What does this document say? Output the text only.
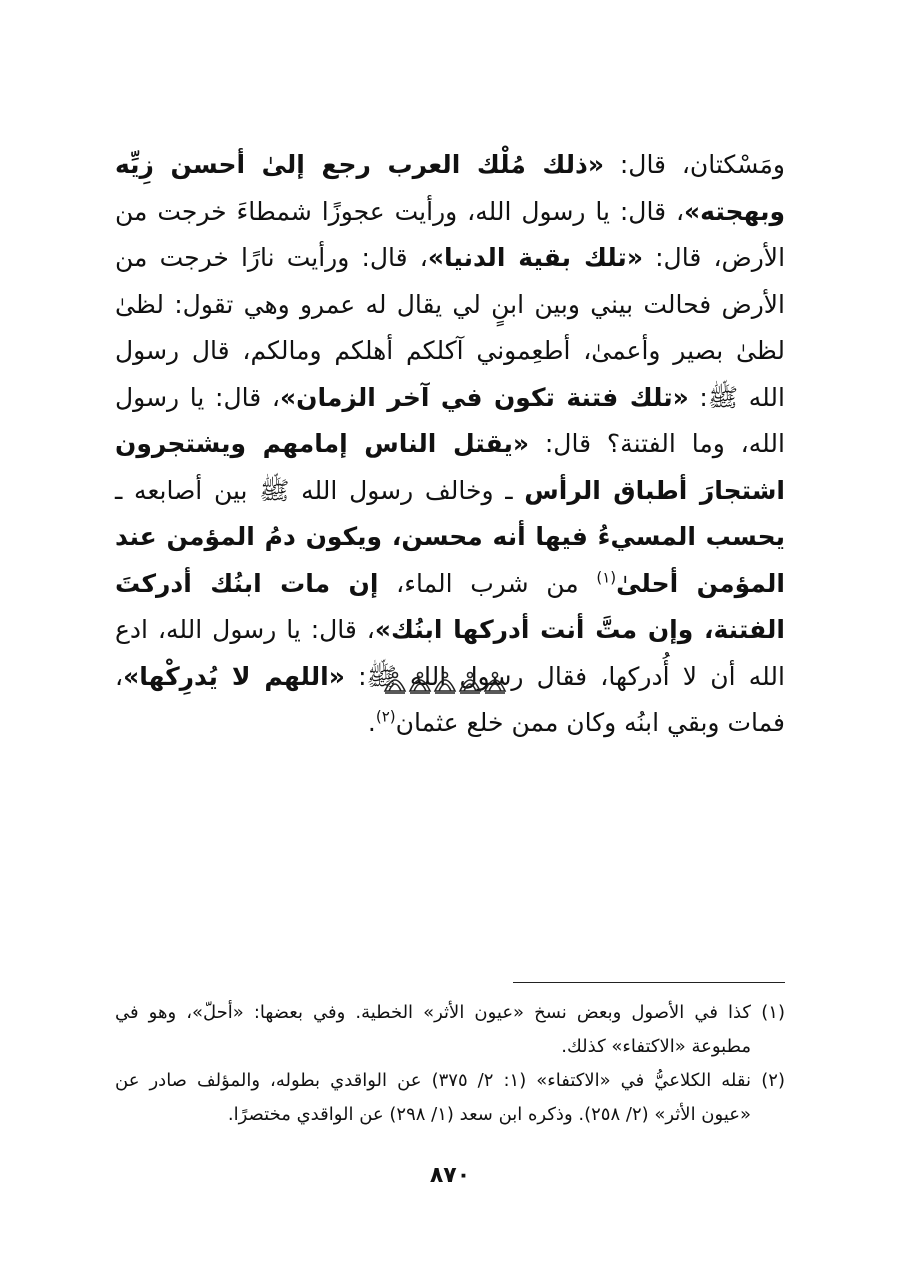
ومَسْكتان، قال: «ذلك مُلْك العرب رجع إلىٰ أحسن زِيِّه وبهجته»، قال: يا رسول الله، ورأيت عجوزًا شمطاءَ خرجت من الأرض، قال: «تلك بقية الدنيا»، قال: ورأيت نارًا خرجت من الأرض فحالت بيني وبين ابنٍ لي يقال له عمرو وهي تقول: لظىٰ لظىٰ بصير وأعمىٰ، أطعِموني آكلكم أهلكم ومالكم، قال رسول الله ﷺ: «تلك فتنة تكون في آخر الزمان»، قال: يا رسول الله، وما الفتنة؟ قال: «يقتل الناس إمامهم ويشتجرون اشتجارَ أطباق الرأس ـ وخالف رسول الله ﷺ بين أصابعه ـ يحسب المسيءُ فيها أنه محسن، ويكون دمُ المؤمن عند المؤمن أحلىٰ$^{(١)}$ من شرب الماء، إن مات ابنُك أدركتَ الفتنة، وإن متَّ أنت أدركها ابنُك»، قال: يا رسول الله، ادع الله أن لا أُدركها، فقال رسول الله ﷺ: «اللهم لا يُدرِكْها»، فمات وبقي ابنُه وكان ممن خلع عثمان$^{(٢)}$.
(١)
كذا في الأصول وبعض نسخ «عيون الأثر» الخطية. وفي بعضها: «أحلّ»، وهو في مطبوعة «الاكتفاء» كذلك.
(٢)
نقله الكلاعيُّ في «الاكتفاء» (١: ٢/ ٣٧٥) عن الواقدي بطوله، والمؤلف صادر عن «عيون الأثر» (٢/ ٢٥٨). وذكره ابن سعد (١/ ٢٩٨) عن الواقدي مختصرًا.
٨٧٠
